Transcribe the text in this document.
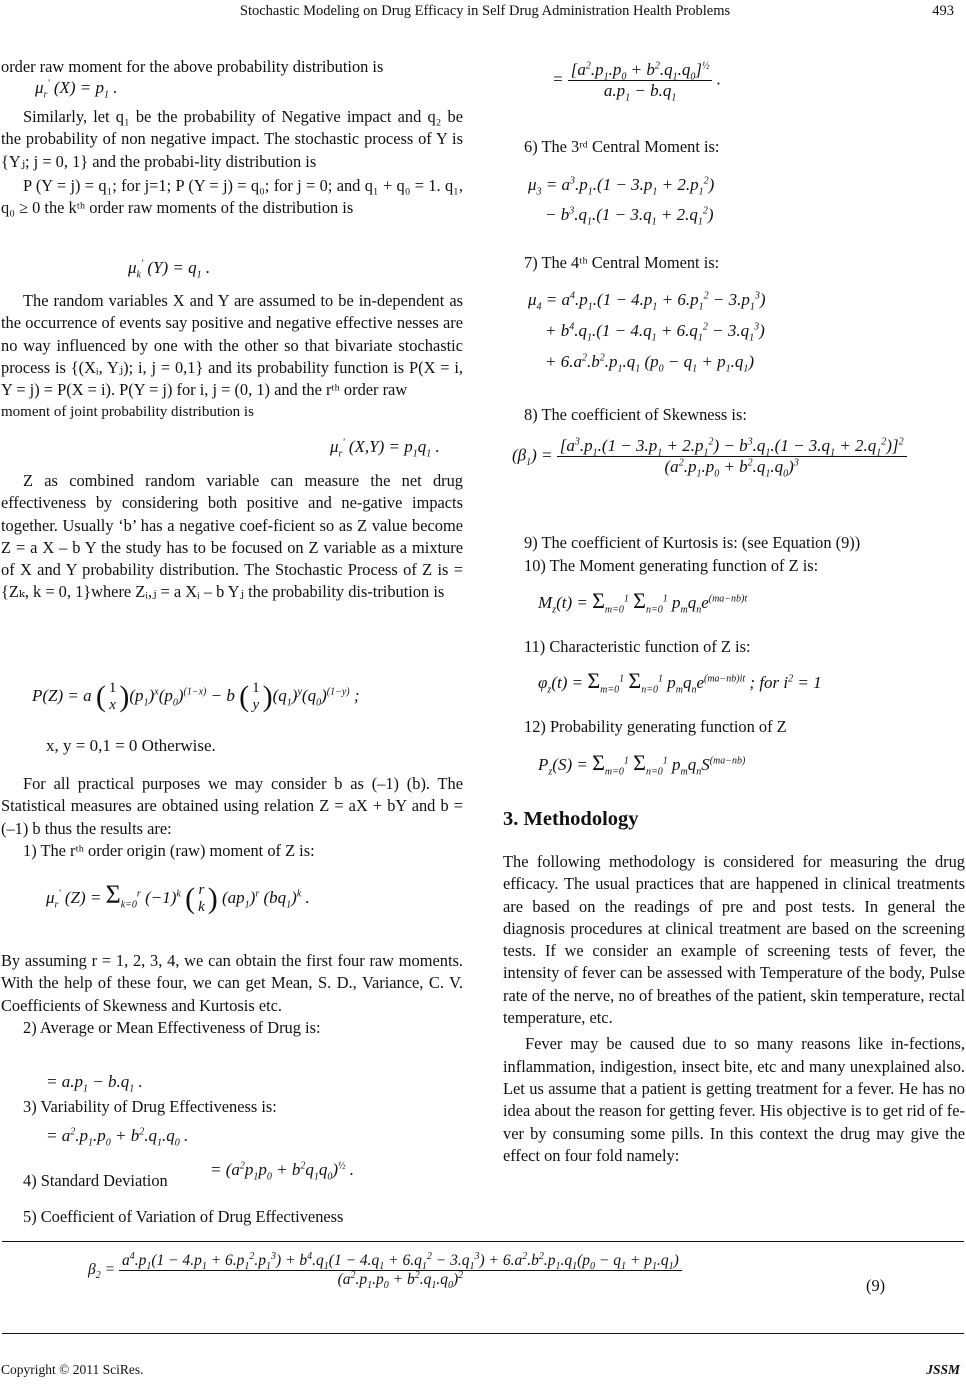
Stochastic Modeling on Drug Efficacy in Self Drug Administration Health Problems	493

order raw moment for the above probability distribution is

$\mu_r'$ $(X) = p_1$ .

Similarly, let q₁ be the probability of Negative impact and q₂ be the probability of non negative impact. The stochastic process of Y is {Yⱼ; j = 0, 1} and the probabi-lity distribution is

P (Y = j) = q₁; for j=1; P (Y = j) = q₀; for j = 0; and q₁ + q₀ = 1. q₁, q₀ ≥ 0 the kᵗʰ order raw moments of the distribution is

$\mu_k'$ $(Y) = q_1$ .

The random variables X and Y are assumed to be in-dependent as the occurrence of events say positive and negative effective nesses are no way influenced by one with the other so that bivariate stochastic process is {(Xᵢ, Yⱼ); i, j = 0,1} and its probability function is P(X = i, Y = j) = P(X = i). P(Y = j) for i, j = (0, 1) and the rᵗʰ order raw

moment of joint probability distribution is

$\mu_r'$ $(X,Y) = p_1q_1$ .

Z as combined random variable can measure the net drug effectiveness by considering both positive and ne-gative impacts together. Usually ‘b’ has a negative coef-ficient so as Z value become Z = a X – b Y the study has to be focused on Z variable as a mixture of X and Y probability distribution. The Stochastic Process of Z is = {Zₖ, k = 0, 1}where Zᵢ,ⱼ = a Xᵢ – b Yⱼ the probability dis-tribution is

P(Z) = a ( 1
x )$(p_1)^x(p_0)^{(1-x)} - b$ ( 1
y )$(q_1)^y(q_0)^{(1-y)}$ ;
x, y = 0,1 = 0 Otherwise.

For all practical purposes we may consider b as (–1) (b). The Statistical measures are obtained using relation Z = aX + bY and b = (–1) b thus the results are:

1) The rᵗʰ order origin (raw) moment of Z is:

$\mu_r'$ $(Z) = \Sigma_{k=0}^r$ $(-1)^k$ ( r
k ) $(ap_1)^r$ $(bq_1)^k$ .

By assuming r = 1, 2, 3, 4, we can obtain the first four raw moments. With the help of these four, we can get Mean, S. D., Variance, C. V. Coefficients of Skewness and Kurtosis etc.

2) Average or Mean Effectiveness of Drug is:

= $a.p_1 - b.q_1$ .
3) Variability of Drug Effectiveness is:
= $a^2.p_1.p_0 + b^2.q_1.q_0$ .
4) Standard Deviation
= $(a^2p_1p_0 + b^2q_1q_0)^{\frac{1}{2}}$ .
5) Coefficient of Variation of Drug Effectiveness
= $\frac{[a^2.p_1.p_0 + b^2.q_1.q_0]^{\frac{1}{2}}}{a.p_1 - b.q_1}$ .
6) The 3ʳᵈ Central Moment is:
$\mu_3 = a^3.p_1.(1 - 3.p_1 + 2.p_1^2)$
− $b^3.q_1.(1 - 3.q_1 + 2.q_1^2)$
7) The 4ᵗʰ Central Moment is:
$\mu_4 = a^4.p_1.(1 - 4.p_1 + 6.p_1^2 - 3.p_1^3)$
+ $b^4.q_1.(1 - 4.q_1 + 6.q_1^2 - 3.q_1^3)$
+ $6.a^2.b^2.p_1.q_1$ $(p_0 - q_1 + p_1.q_1)$
8) The coefficient of Skewness is:
$(\beta_1) = \frac{[a^3.p_1.(1 - 3.p_1 + 2.p_1^2) - b^3.q_1.(1 - 3.q_1 + 2.q_1^2)]^2}{(a^2.p_1.p_0 + b^2.q_1.q_0)^3}$
9) The coefficient of Kurtosis is: (see Equation (9))
10) The Moment generating function of Z is:
$M_z(t) = \Sigma_{m=0}^1$ $\Sigma_{n=0}^1$ $p_mq_ne^{(ma-nb)t}$
11) Characteristic function of Z is:
$\varphi_z(t) = \Sigma_{m=0}^1$ $\Sigma_{n=0}^1$ $p_mq_ne^{(ma-nb)it}$ ; for $i^2 = 1$
12) Probability generating function of Z
$P_z(S) = \Sigma_{m=0}^1$ $\Sigma_{n=0}^1$ $p_mq_nS^{(ma-nb)}$
3. Methodology

The following methodology is considered for measuring the drug efficacy. The usual practices that are happened in clinical treatments are based on the readings of pre and post tests. In general the diagnosis procedures at clinical treatment are based on the screening tests. If we consider an example of screening tests of fever, the intensity of fever can be assessed with Temperature of the body, Pulse rate of the nerve, no of breathes of the patient, skin temperature, rectal temperature, etc.

Fever may be caused due to so many reasons like in-fections, inflammation, indigestion, insect bite, etc and many unexplained also. Let us assume that a patient is getting treatment for a fever. He has no idea about the reason for getting fever. His objective is to get rid of fe-ver by consuming some pills. In this context the drug may give the effect on four fold namely:

$\beta_2$ =
$a^4.p_1(1 - 4.p_1 + 6.p_1^2.p_1^3) + b^4.q_1(1 - 4.q_1 + 6.q_1^2 - 3.q_1^3) + 6.a^2.b^2.p_1.q_1(p_0 - q_1 + p_1.q_1)$
$(a^2.p_1.p_0 + b^2.q_1.q_0)^2$
(9)
Copyright © 2011 SciRes.	JSSM
